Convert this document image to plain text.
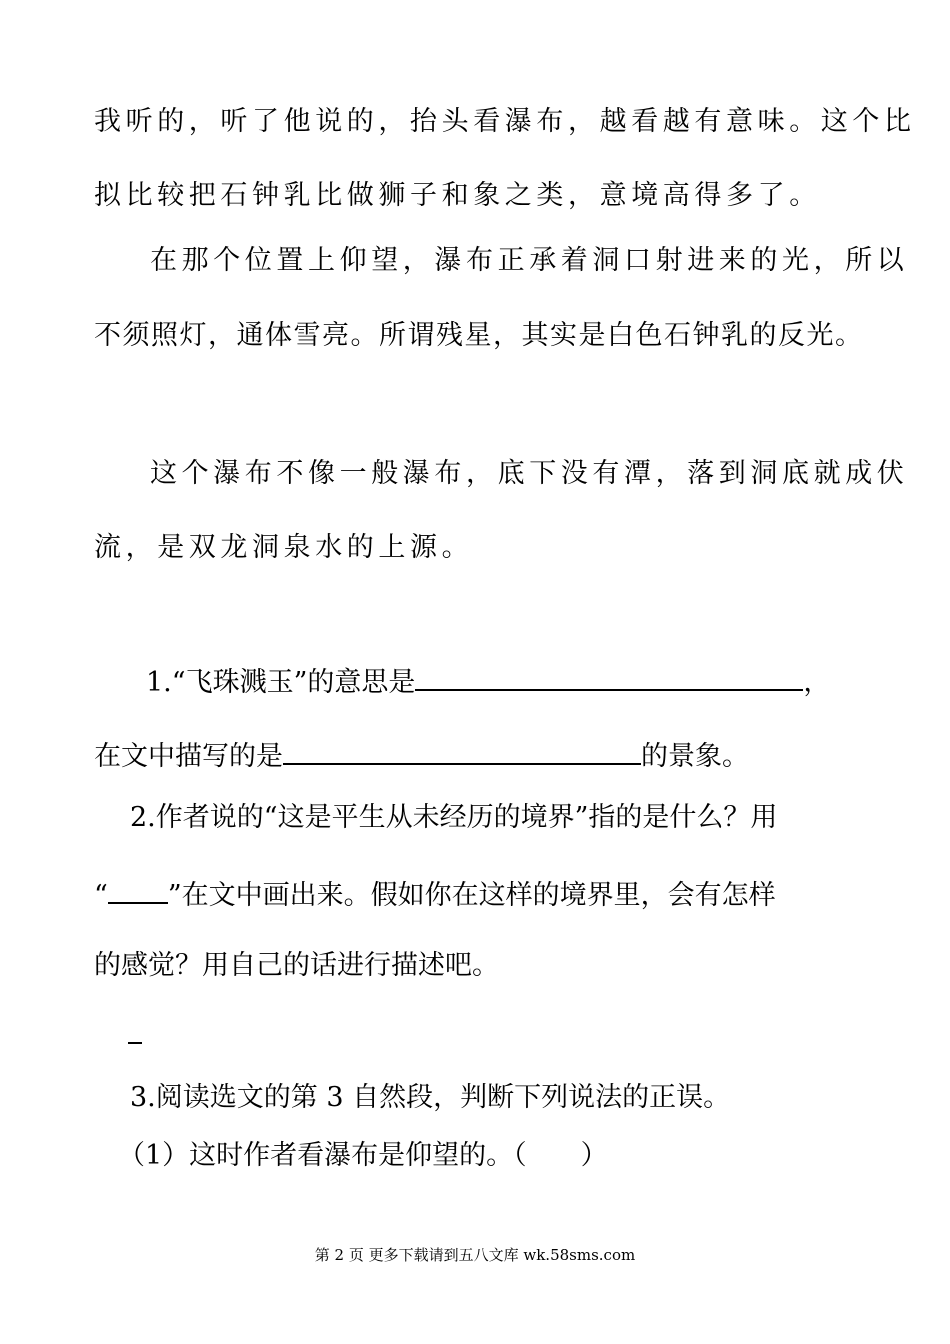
我听的，听了他说的，抬头看瀑布，越看越有意味。这个比
拟比较把石钟乳比做狮子和象之类，意境高得多了。
在那个位置上仰望，瀑布正承着洞口射进来的光，所以
不须照灯，通体雪亮。所谓残星，其实是白色石钟乳的反光。
这个瀑布不像一般瀑布，底下没有潭，落到洞底就成伏
流，是双龙洞泉水的上源。
1.“飞珠溅玉”的意思是	，
在文中描写的是	的景象。
2.作者说的“这是平生从未经历的境界”指的是什么？用
“ ”在文中画出来。假如你在这样的境界里，会有怎样
的感觉？用自己的话进行描述吧。
3.阅读选文的第 3 自然段，判断下列说法的正误。
（1）这时作者看瀑布是仰望的。（　　）
第 2 页 更多下载请到五八文库 wk.58sms.com
